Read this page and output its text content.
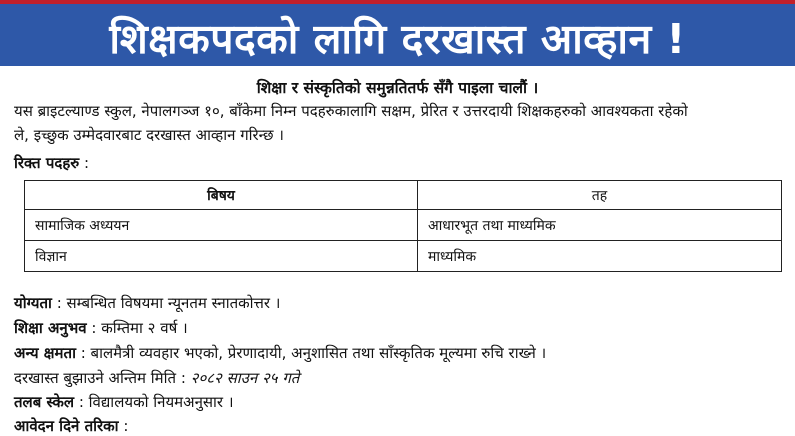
शिक्षकपदको लागि दरखास्त आव्हान !
शिक्षा र संस्कृतिको समुन्नतितर्फ सँगै पाइला चालौं ।
यस ब्राइटल्याण्ड स्कुल, नेपालगञ्ज १०, बाँकेमा निम्न पदहरुकालागि सक्षम, प्रेरित र उत्तरदायी शिक्षकहरुको आवश्यकता रहेको
ले, इच्छुक उम्मेदवारबाट दरखास्त आव्हान गरिन्छ ।
रिक्त पदहरु :
बिषय	तह
सामाजिक अध्ययन	आधारभूत तथा माध्यमिक
विज्ञान	माध्यमिक
योग्यता : सम्बन्धित विषयमा न्यूनतम स्नातकोत्तर ।
शिक्षा अनुभव : कम्तिमा २ वर्ष ।
अन्य क्षमता : बालमैत्री व्यवहार भएको, प्रेरणादायी, अनुशासित तथा साँस्कृतिक मूल्यमा रुचि राख्ने ।
दरखास्त बुझाउने अन्तिम मिति : २०८२ साउन २५ गते
तलब स्केल : विद्यालयको नियमअनुसार ।
आवेदन दिने तरिका :
